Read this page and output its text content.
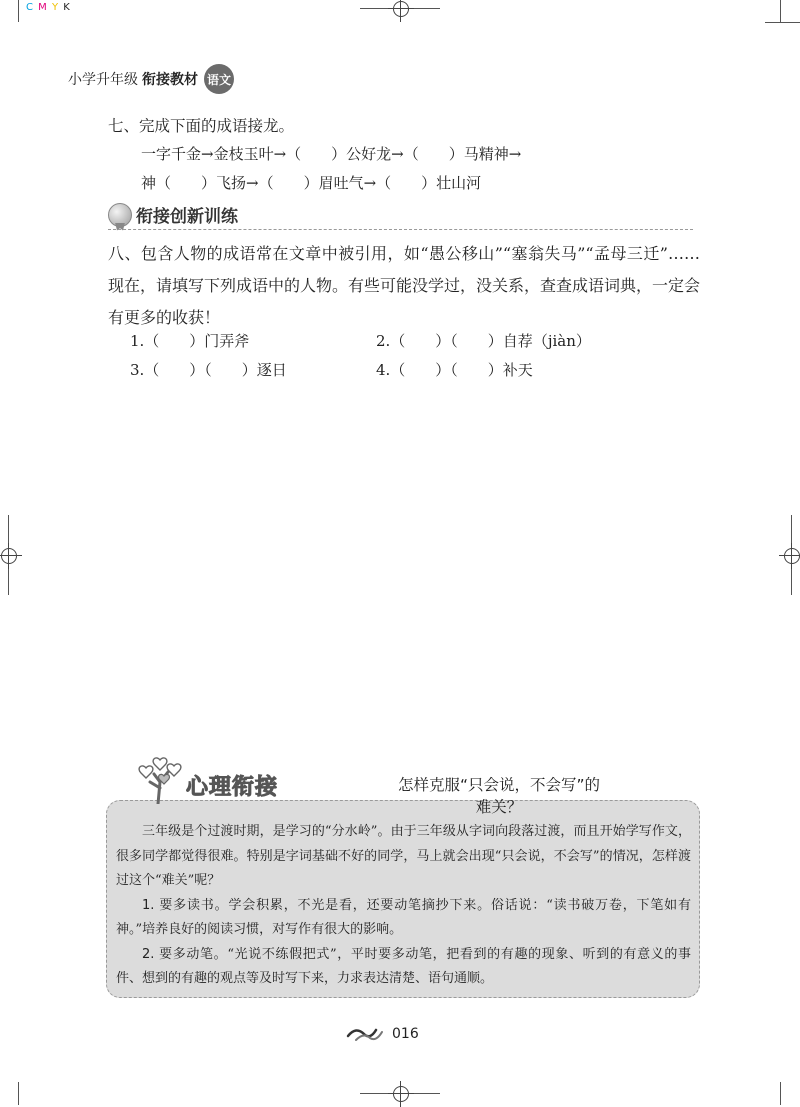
C M Y K
小学升年级 衔接教材 语文
七、完成下面的成语接龙。
一字千金→金枝玉叶→（　　）公好龙→（　　）马精神→
神（　　）飞扬→（　　）眉吐气→（　　）壮山河
衔接创新训练
八、包含人物的成语常在文章中被引用，如“愚公移山”“塞翁失马”“孟母三迁”……现在，请填写下列成语中的人物。有些可能没学过，没关系，查查成语词典，一定会有更多的收获！
1.（　　）门弄斧	2.（　　）（　　）自荐（jiàn）
3.（　　）（　　）逐日	4.（　　）（　　）补天
心理衔接	怎样克服“只会说，不会写”的
难关？

三年级是个过渡时期，是学习的“分水岭”。由于三年级从字词向段落过渡，而且开始学写作文，很多同学都觉得很难。特别是字词基础不好的同学，马上就会出现“只会说，不会写”的情况，怎样渡过这个“难关”呢？

1. 要多读书。学会积累，不光是看，还要动笔摘抄下来。俗话说：“读书破万卷，下笔如有神。”培养良好的阅读习惯，对写作有很大的影响。

2. 要多动笔。“光说不练假把式”，平时要多动笔，把看到的有趣的现象、听到的有意义的事件、想到的有趣的观点等及时写下来，力求表达清楚、语句通顺。

016
